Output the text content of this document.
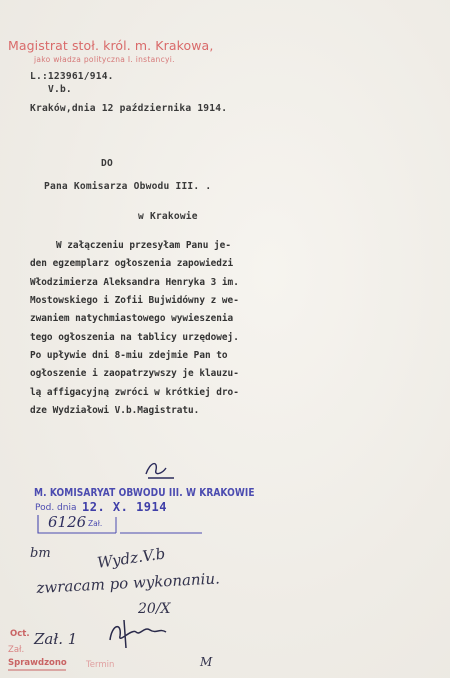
Magistrat stoł. król. m. Krakowa,
jako władza polityczna I. instancyi.
L.:123961/914.
V.b.
Kraków,dnia 12 października 1914.
DO
Pana Komisarza Obwodu III. .
w Krakowie
W załączeniu przesyłam Panu je-
den egzemplarz ogłoszenia zapowiedzi
Włodzimierza Aleksandra Henryka 3 im.
Mostowskiego i Zofii Bujwidówny z we-
zwaniem natychmiastowego wywieszenia
tego ogłoszenia na tablicy urzędowej.
Po upływie dni 8-miu zdejmie Pan to
ogłoszenie i zaopatrzywszy je klauzu-
lą affigacyjną zwróci w krótkiej dro-
dze Wydziałowi V.b.Magistratu.
M. KOMISARYAT OBWODU III. W KRAKOWIE
Pod. dnia 12. X. 1914
6126 Zał.
bm	Wydz.V.b
zwracam po wykonaniu.
20/X
M
Oct.
Zał.
Zał. 1
Sprawdzono Termin
